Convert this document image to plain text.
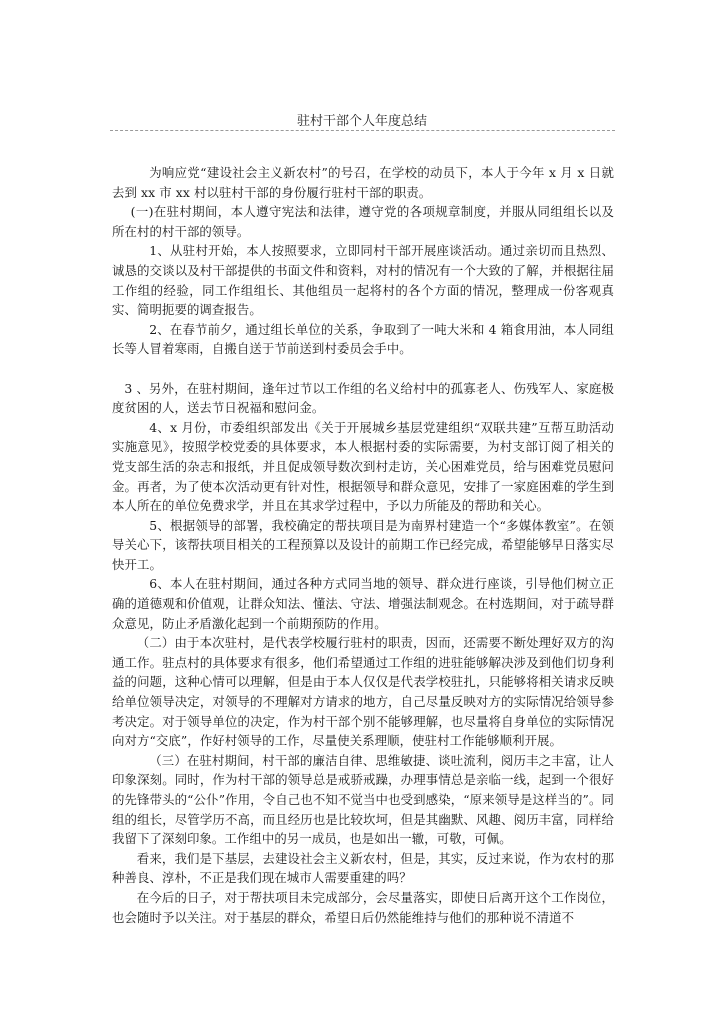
驻村干部个人年度总结

为响应党“建设社会主义新农村”的号召，在学校的动员下，本人于今年 x 月 x 日就去到 xx 市 xx 村以驻村干部的身份履行驻村干部的职责。

(一)在驻村期间，本人遵守宪法和法律，遵守党的各项规章制度，并服从同组组长以及所在村的村干部的领导。

1、从驻村开始，本人按照要求，立即同村干部开展座谈活动。通过亲切而且热烈、诚恳的交谈以及村干部提供的书面文件和资料，对村的情况有一个大致的了解，并根据往届工作组的经验，同工作组组长、其他组员一起将村的各个方面的情况，整理成一份客观真实、简明扼要的调查报告。

2、在春节前夕，通过组长单位的关系，争取到了一吨大米和 4 箱食用油，本人同组长等人冒着寒雨，自搬自送于节前送到村委员会手中。

3 、另外，在驻村期间，逢年过节以工作组的名义给村中的孤寡老人、伤残军人、家庭极度贫困的人，送去节日祝福和慰问金。

4、x 月份，市委组织部发出《关于开展城乡基层党建组织“双联共建”互帮互助活动实施意见》，按照学校党委的具体要求，本人根据村委的实际需要，为村支部订阅了相关的党支部生活的杂志和报纸，并且促成领导数次到村走访，关心困难党员，给与困难党员慰问金。再者，为了使本次活动更有针对性，根据领导和群众意见，安排了一家庭困难的学生到本人所在的单位免费求学，并且在其求学过程中，予以力所能及的帮助和关心。

5、根据领导的部署，我校确定的帮扶项目是为南界村建造一个“多媒体教室”。在领导关心下，该帮扶项目相关的工程预算以及设计的前期工作已经完成，希望能够早日落实尽快开工。

6、本人在驻村期间，通过各种方式同当地的领导、群众进行座谈，引导他们树立正确的道德观和价值观，让群众知法、懂法、守法、增强法制观念。在村选期间，对于疏导群众意见，防止矛盾激化起到一个前期预防的作用。

（二）由于本次驻村，是代表学校履行驻村的职责，因而，还需要不断处理好双方的沟通工作。驻点村的具体要求有很多，他们希望通过工作组的进驻能够解决涉及到他们切身利益的问题，这种心情可以理解，但是由于本人仅仅是代表学校驻扎，只能够将相关请求反映给单位领导决定，对领导的不理解对方请求的地方，自己尽量反映对方的实际情况给领导参考决定。对于领导单位的决定，作为村干部个别不能够理解，也尽量将自身单位的实际情况向对方“交底”，作好村领导的工作，尽量使关系理顺，使驻村工作能够顺利开展。

（三）在驻村期间，村干部的廉洁自律、思维敏捷、谈吐流利，阅历丰之丰富，让人印象深刻。同时，作为村干部的领导总是戒骄戒躁，办理事情总是亲临一线，起到一个很好的先锋带头的“公仆”作用，令自己也不知不觉当中也受到感染，“原来领导是这样当的”。同组的组长，尽管学历不高，而且经历也是比较坎坷，但是其幽默、风趣、阅历丰富，同样给我留下了深刻印象。工作组中的另一成员，也是如出一辙，可敬，可佩。

看来，我们是下基层，去建设社会主义新农村，但是，其实，反过来说，作为农村的那种善良、淳朴，不正是我们现在城市人需要重建的吗？

在今后的日子，对于帮扶项目未完成部分，会尽量落实，即使日后离开这个工作岗位，也会随时予以关注。对于基层的群众，希望日后仍然能维持与他们的那种说不清道不
